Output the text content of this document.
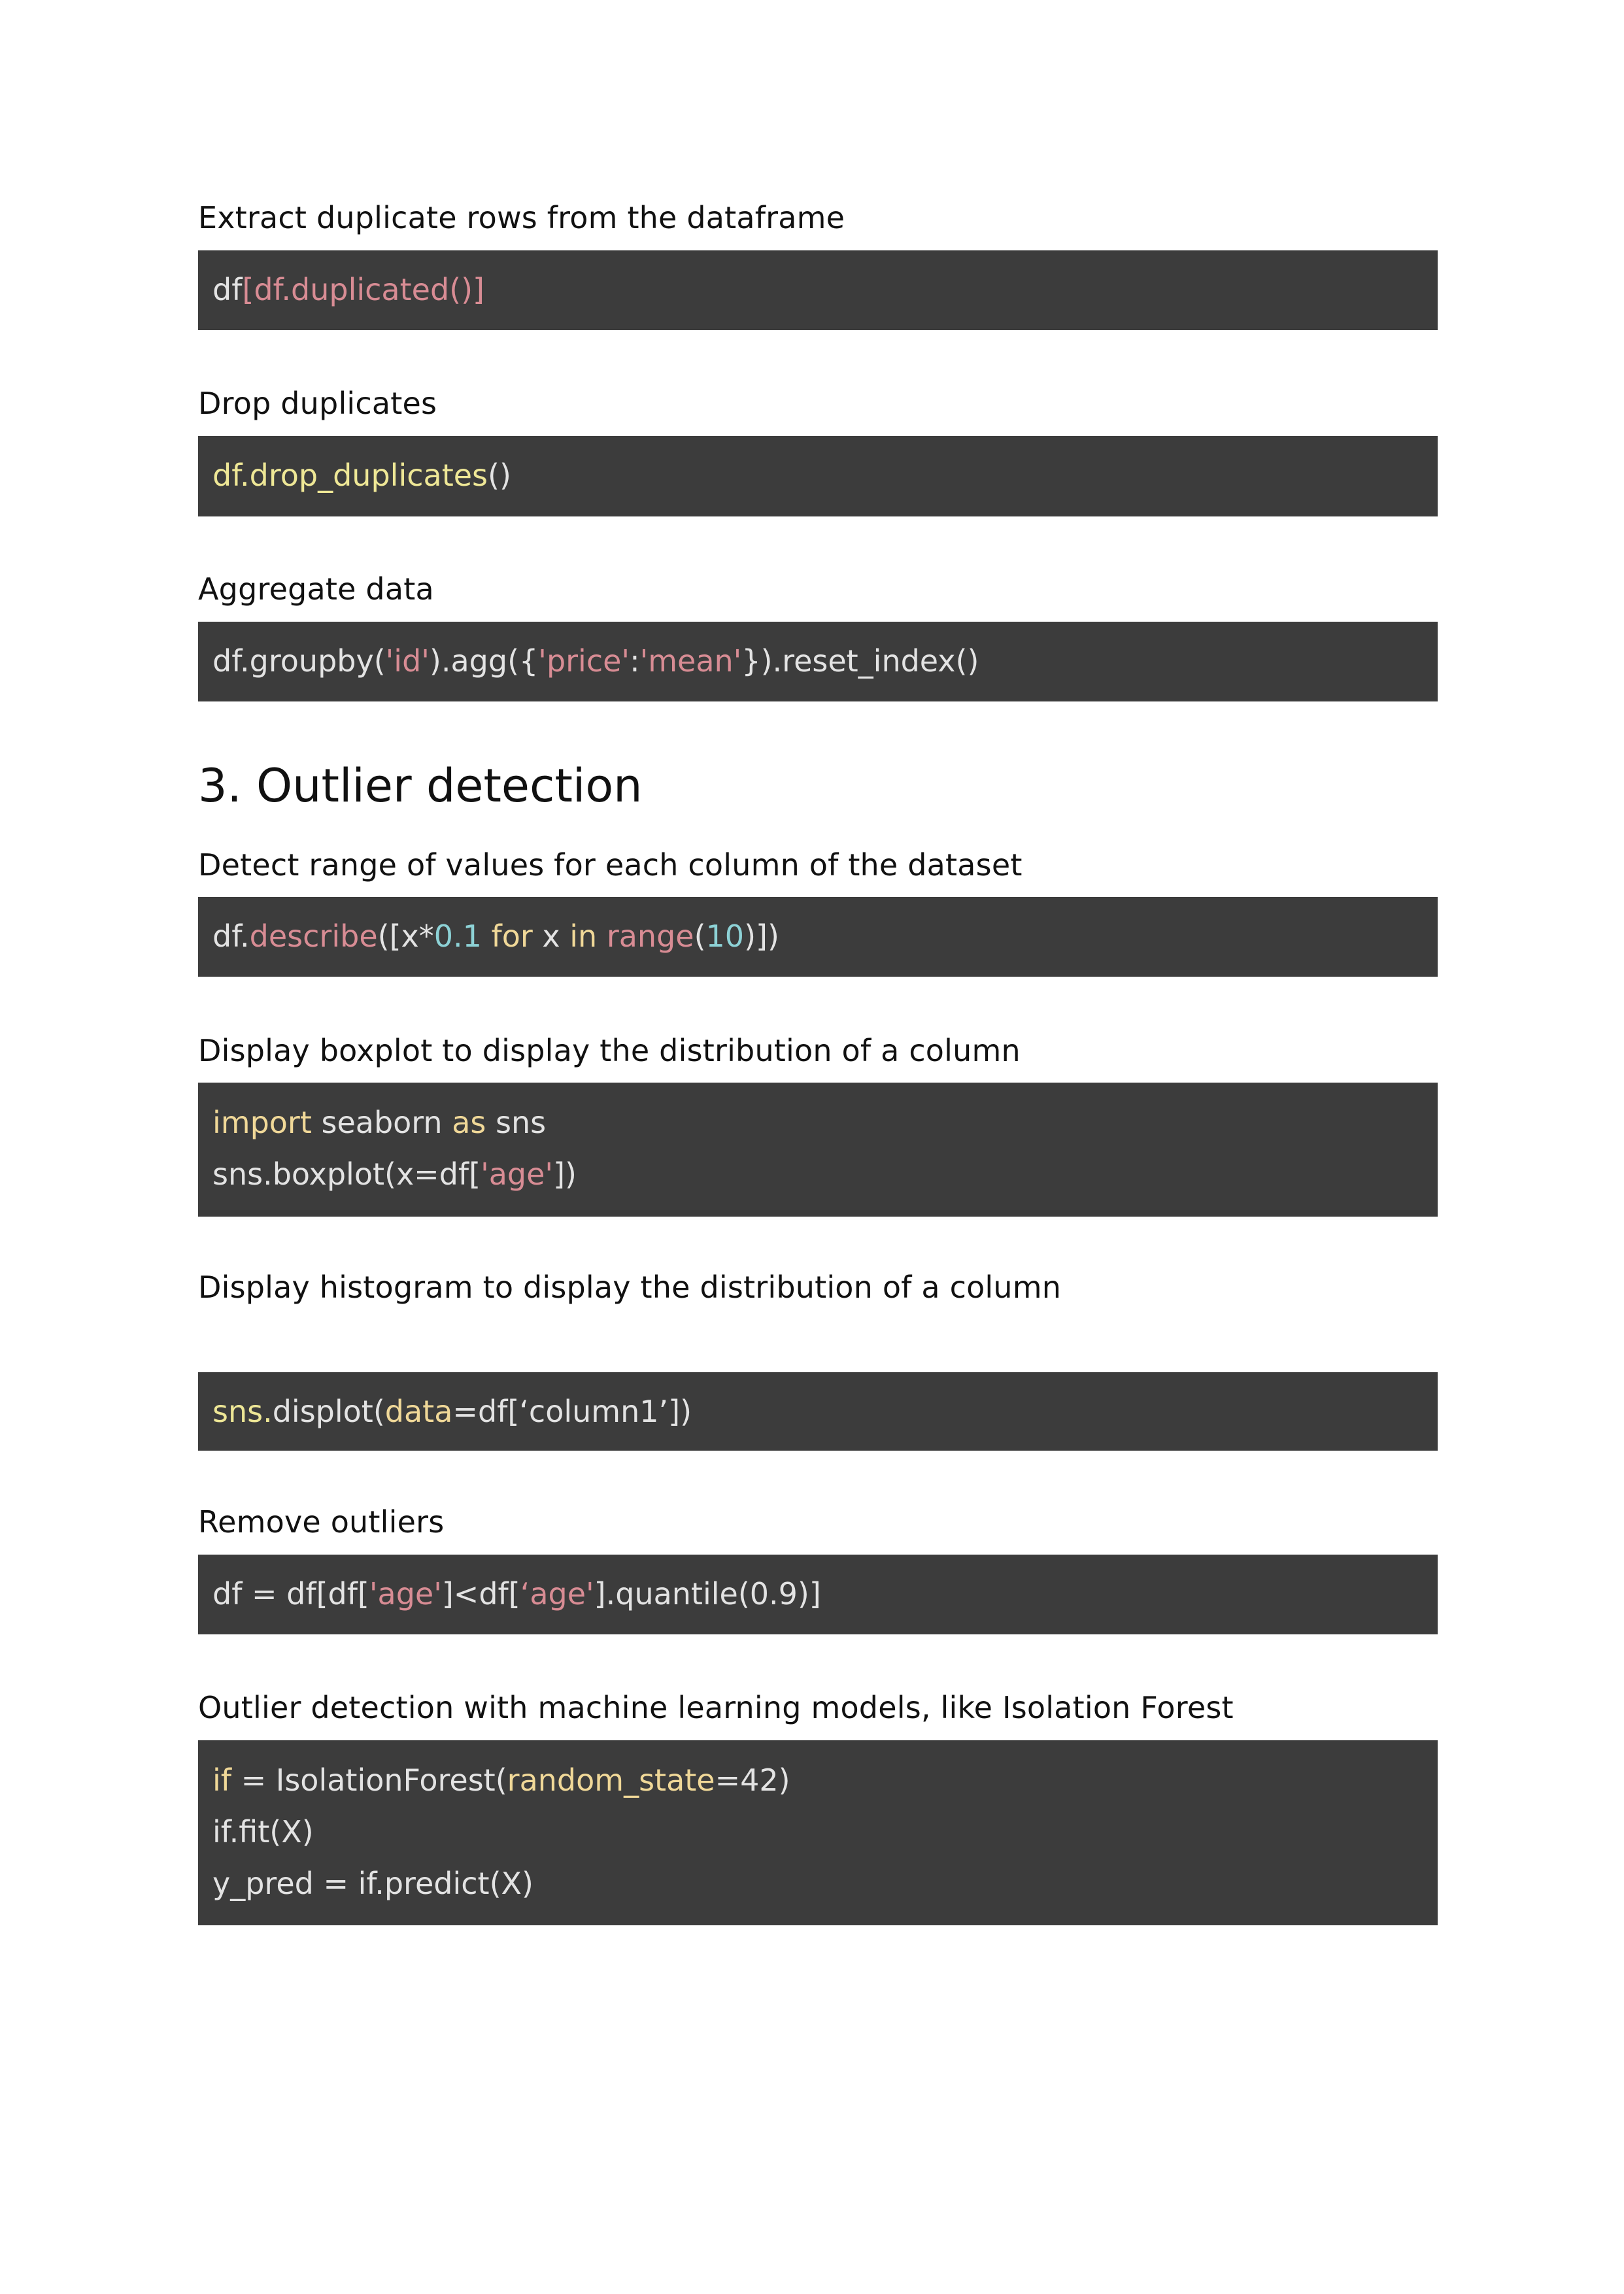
Extract duplicate rows from the dataframe
df[df.duplicated()]
Drop duplicates
df.drop_duplicates()
Aggregate data
df.groupby('id').agg({'price':'mean'}).reset_index()
3. Outlier detection
Detect range of values for each column of the dataset
df.describe([x*0.1 for x in range(10)])
Display boxplot to display the distribution of a column
import seaborn as sns
sns.boxplot(x=df['age'])
Display histogram to display the distribution of a column
sns.displot(data=df[‘column1’])
Remove outliers
df = df[df['age']<df[‘age'].quantile(0.9)]
Outlier detection with machine learning models, like Isolation Forest
if = IsolationForest(random_state=42)
if.fit(X)
y_pred = if.predict(X)
